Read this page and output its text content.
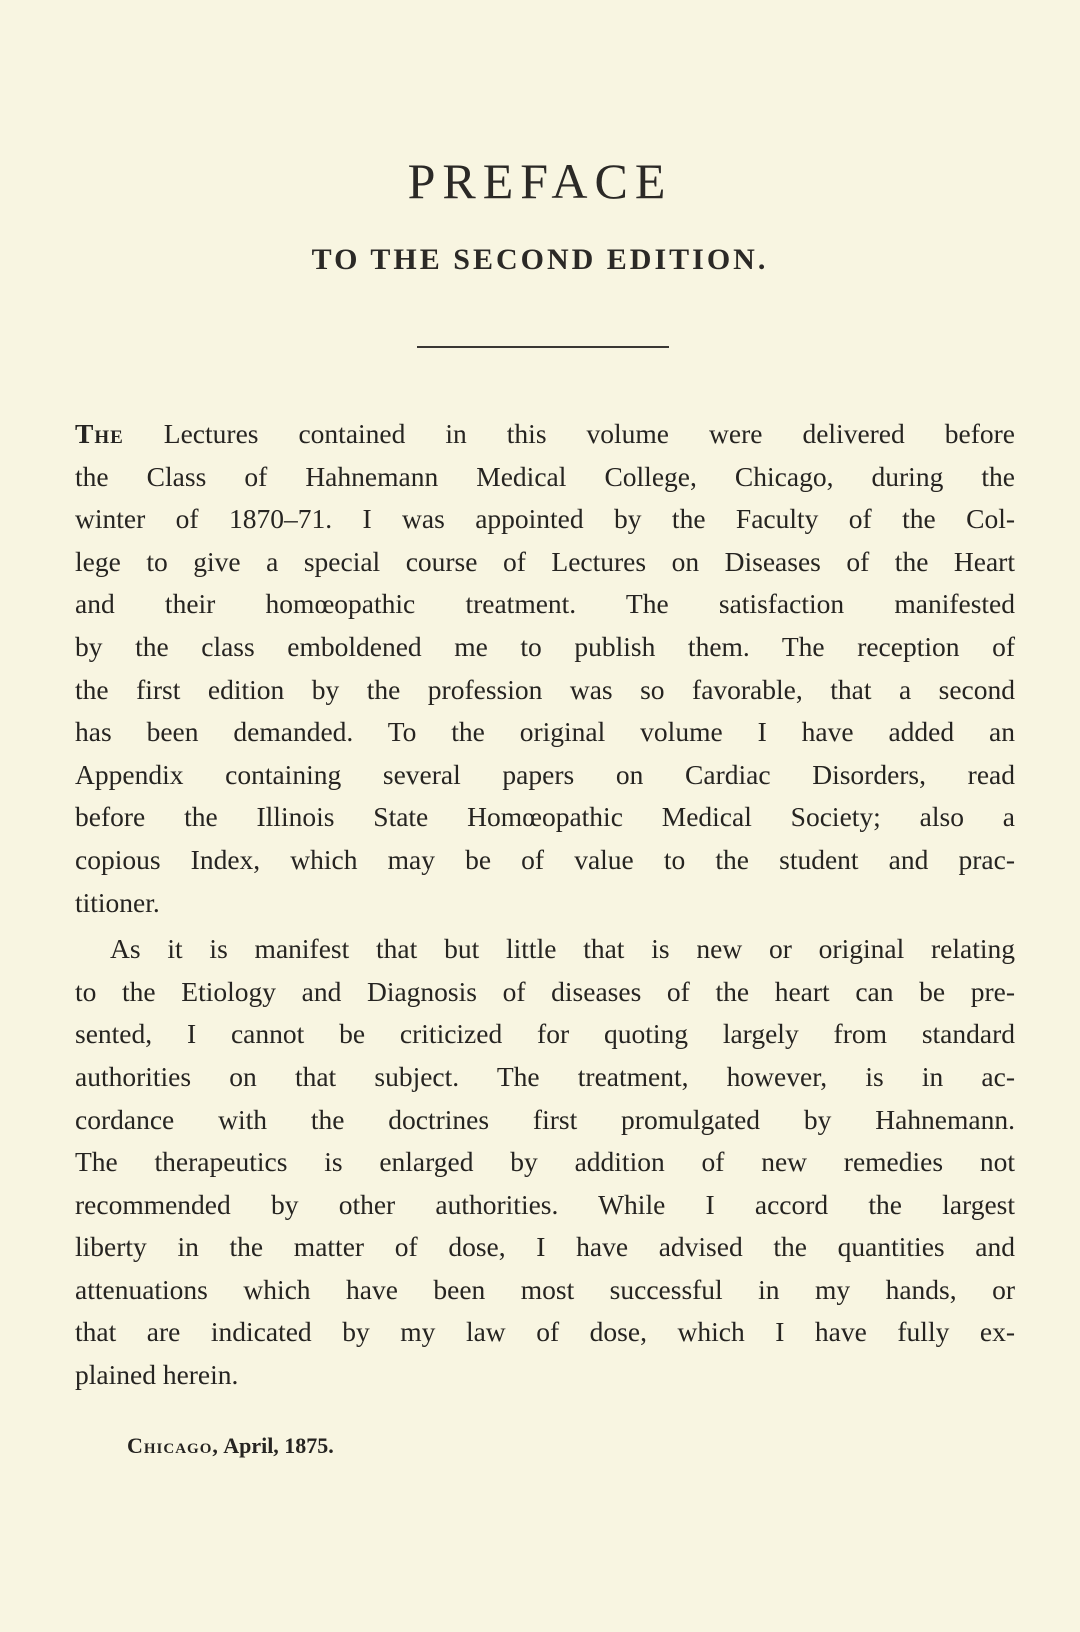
PREFACE
TO THE SECOND EDITION.
The Lectures contained in this volume were delivered before
the Class of Hahnemann Medical College, Chicago, during the
winter of 1870–71. I was appointed by the Faculty of the Col-
lege to give a special course of Lectures on Diseases of the Heart
and their homœopathic treatment. The satisfaction manifested
by the class emboldened me to publish them. The reception of
the first edition by the profession was so favorable, that a second
has been demanded. To the original volume I have added an
Appendix containing several papers on Cardiac Disorders, read
before the Illinois State Homœopathic Medical Society; also a
copious Index, which may be of value to the student and prac-
titioner.
As it is manifest that but little that is new or original relating
to the Etiology and Diagnosis of diseases of the heart can be pre-
sented, I cannot be criticized for quoting largely from standard
authorities on that subject. The treatment, however, is in ac-
cordance with the doctrines first promulgated by Hahnemann.
The therapeutics is enlarged by addition of new remedies not
recommended by other authorities. While I accord the largest
liberty in the matter of dose, I have advised the quantities and
attenuations which have been most successful in my hands, or
that are indicated by my law of dose, which I have fully ex-
plained herein.

Chicago, April, 1875.
